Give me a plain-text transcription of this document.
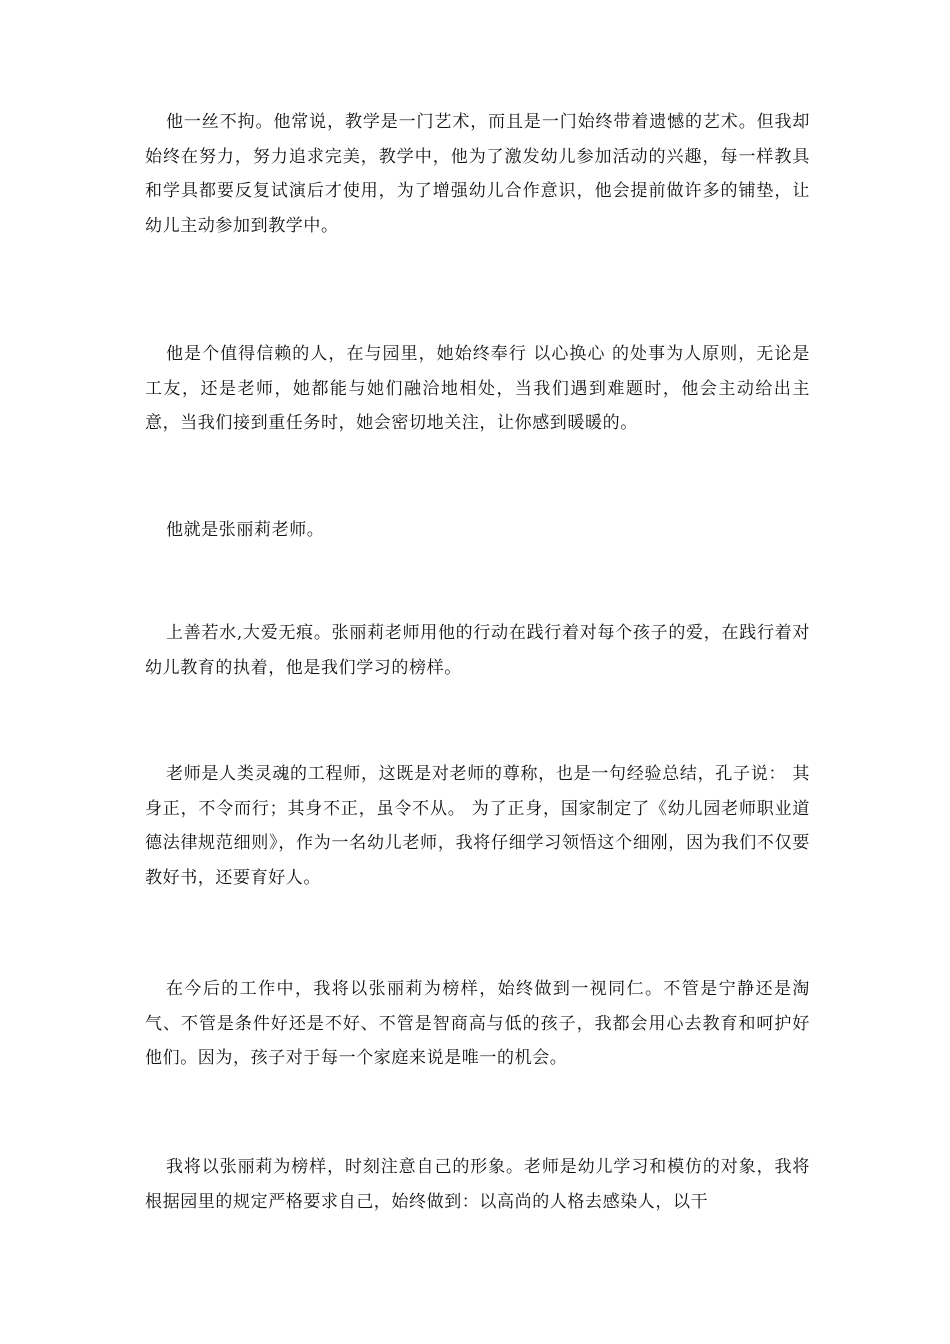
他一丝不拘。他常说，教学是一门艺术，而且是一门始终带着遗憾的艺术。但我却始终在努力，努力追求完美，教学中，他为了激发幼儿参加活动的兴趣，每一样教具和学具都要反复试演后才使用，为了增强幼儿合作意识，他会提前做许多的铺垫，让幼儿主动参加到教学中。

他是个值得信赖的人，在与园里，她始终奉行 以心换心 的处事为人原则，无论是工友，还是老师，她都能与她们融洽地相处，当我们遇到难题时，他会主动给出主意，当我们接到重任务时，她会密切地关注，让你感到暖暖的。

他就是张丽莉老师。

上善若水,大爱无痕。张丽莉老师用他的行动在践行着对每个孩子的爱，在践行着对幼儿教育的执着，他是我们学习的榜样。

老师是人类灵魂的工程师，这既是对老师的尊称，也是一句经验总结，孔子说： 其身正，不令而行；其身不正，虽令不从。 为了正身，国家制定了《幼儿园老师职业道德法律规范细则》，作为一名幼儿老师，我将仔细学习领悟这个细刚，因为我们不仅要教好书，还要育好人。

在今后的工作中，我将以张丽莉为榜样，始终做到一视同仁。不管是宁静还是淘气、不管是条件好还是不好、不管是智商高与低的孩子，我都会用心去教育和呵护好他们。因为，孩子对于每一个家庭来说是唯一的机会。

我将以张丽莉为榜样，时刻注意自己的形象。老师是幼儿学习和模仿的对象，我将根据园里的规定严格要求自己，始终做到：以高尚的人格去感染人，以干
